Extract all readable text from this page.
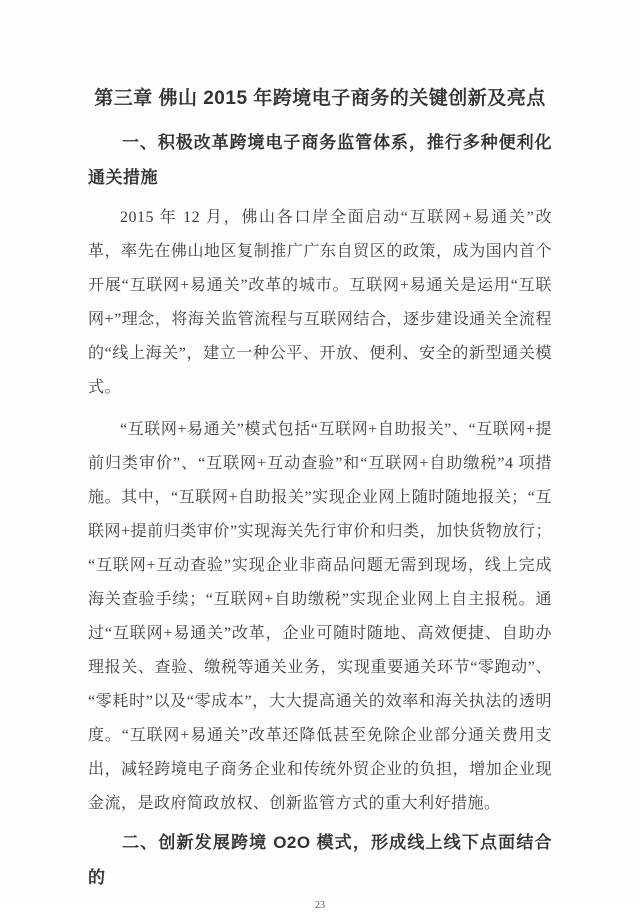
第三章 佛山 2015 年跨境电子商务的关键创新及亮点
一、积极改革跨境电子商务监管体系，推行多种便利化通关措施

2015 年 12 月，佛山各口岸全面启动“互联网+易通关”改革，率先在佛山地区复制推广广东自贸区的政策，成为国内首个开展“互联网+易通关”改革的城市。互联网+易通关是运用“互联网+”理念，将海关监管流程与互联网结合，逐步建设通关全流程的“线上海关”，建立一种公平、开放、便利、安全的新型通关模式。

“互联网+易通关”模式包括“互联网+自助报关”、“互联网+提前归类审价”、“互联网+互动查验”和“互联网+自助缴税”4 项措施。其中，“互联网+自助报关”实现企业网上随时随地报关；“互联网+提前归类审价”实现海关先行审价和归类，加快货物放行；“互联网+互动查验”实现企业非商品问题无需到现场，线上完成海关查验手续；“互联网+自助缴税”实现企业网上自主报税。通过“互联网+易通关”改革，企业可随时随地、高效便捷、自助办理报关、查验、缴税等通关业务，实现重要通关环节“零跑动”、“零耗时”以及“零成本”，大大提高通关的效率和海关执法的透明度。“互联网+易通关”改革还降低甚至免除企业部分通关费用支出，减轻跨境电子商务企业和传统外贸企业的负担，增加企业现金流，是政府简政放权、创新监管方式的重大利好措施。

二、创新发展跨境 O2O 模式，形成线上线下点面结合的
23
